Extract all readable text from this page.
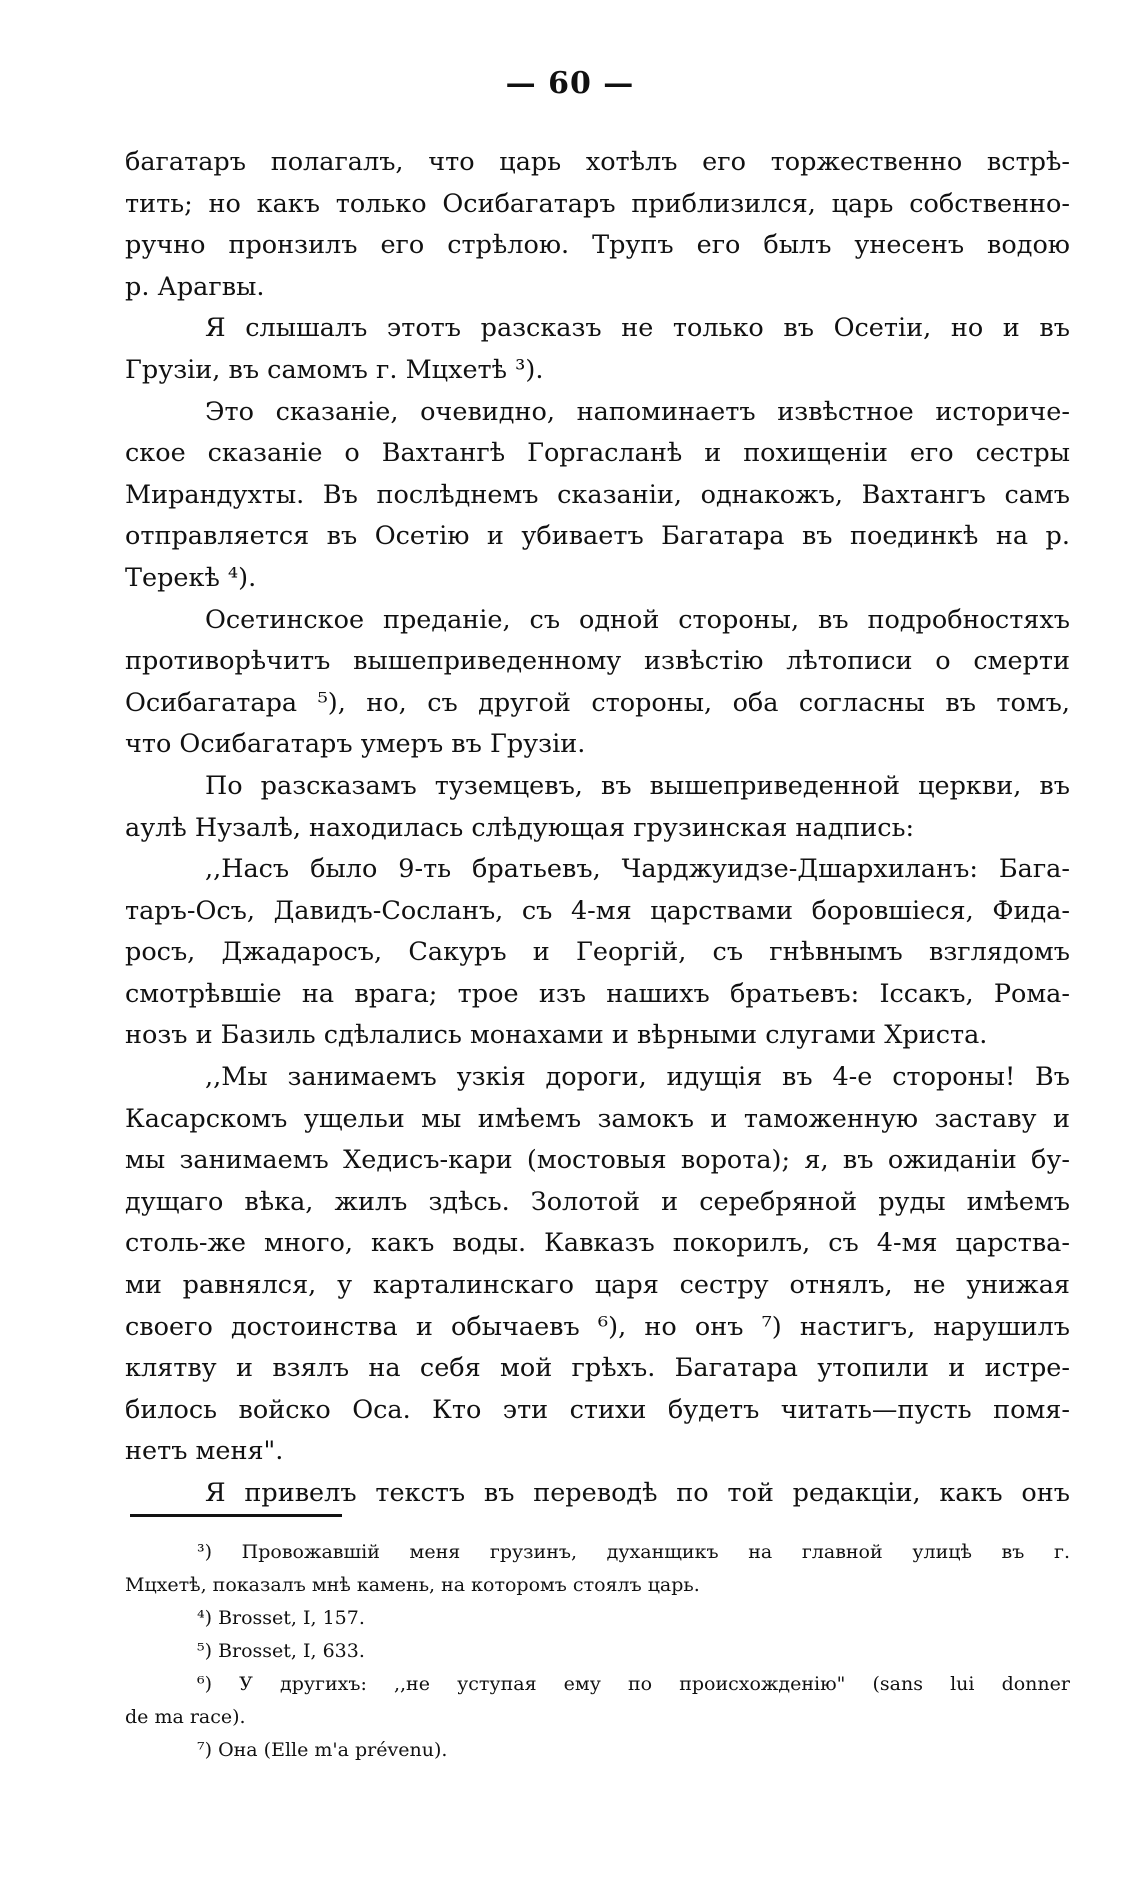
— 60 —
багатаръ полагалъ, что царь хотѣлъ его торжественно встрѣ-
тить; но какъ только Осибагатаръ приблизился, царь собственно-
ручно пронзилъ его стрѣлою. Трупъ его былъ унесенъ водою
р. Арагвы.
Я слышалъ этотъ разсказъ не только въ Осетіи, но и въ
Грузіи, въ самомъ г. Мцхетѣ ³).
Это сказаніе, очевидно, напоминаетъ извѣстное историче-
ское сказаніе о Вахтангѣ Горгасланѣ и похищеніи его сестры
Мирандухты. Въ послѣднемъ сказаніи, однакожъ, Вахтангъ самъ
отправляется въ Осетію и убиваетъ Багатара въ поединкѣ на р.
Терекѣ ⁴).
Осетинское преданіе, съ одной стороны, въ подробностяхъ
противорѣчитъ вышеприведенному извѣстію лѣтописи о смерти
Осибагатара ⁵), но, съ другой стороны, оба согласны въ томъ,
что Осибагатаръ умеръ въ Грузіи.
По разсказамъ туземцевъ, въ вышеприведенной церкви, въ
аулѣ Нузалѣ, находилась слѣдующая грузинская надпись:
,,Насъ было 9-ть братьевъ, Чарджуидзе-Дшархиланъ: Бага-
таръ-Осъ, Давидъ-Сосланъ, съ 4-мя царствами боровшіеся, Фида-
росъ, Джадаросъ, Сакуръ и Георгій, съ гнѣвнымъ взглядомъ
смотрѣвшіе на врага; трое изъ нашихъ братьевъ: Іссакъ, Рома-
нозъ и Базиль сдѣлались монахами и вѣрными слугами Христа.
,,Мы занимаемъ узкія дороги, идущія въ 4-е стороны! Въ
Касарскомъ ущельи мы имѣемъ замокъ и таможенную заставу и
мы занимаемъ Хедисъ-кари (мостовыя ворота); я, въ ожиданіи бу-
дущаго вѣка, жилъ здѣсь. Золотой и серебряной руды имѣемъ
столь-же много, какъ воды. Кавказъ покорилъ, съ 4-мя царства-
ми равнялся, у карталинскаго царя сестру отнялъ, не унижая
своего достоинства и обычаевъ ⁶), но онъ ⁷) настигъ, нарушилъ
клятву и взялъ на себя мой грѣхъ. Багатара утопили и истре-
билось войско Оса. Кто эти стихи будетъ читать—пусть помя-
нетъ меня".
Я привелъ текстъ въ переводѣ по той редакціи, какъ онъ
³) Провожавшій меня грузинъ, духанщикъ на главной улицѣ въ г.
Мцхетѣ, показалъ мнѣ камень, на которомъ стоялъ царь.
⁴) Brosset, I, 157.
⁵) Brosset, I, 633.
⁶) У другихъ: ,,не уступая ему по происхожденію" (sans lui donner
de ma race).
⁷) Она (Elle m'a prévenu).
